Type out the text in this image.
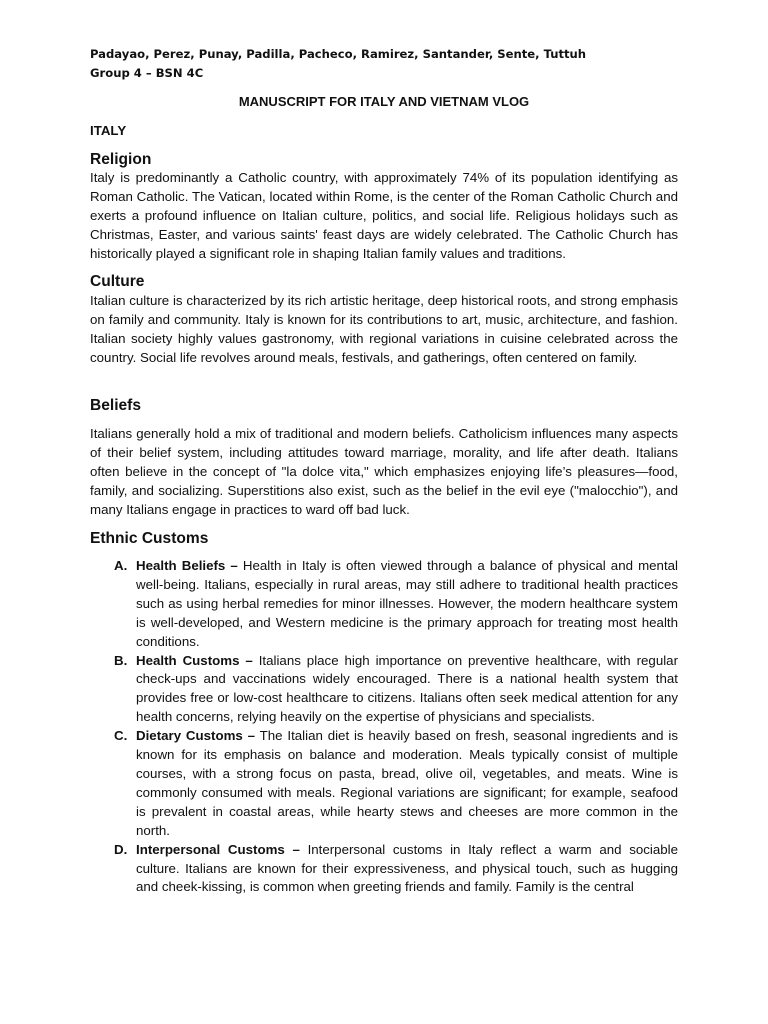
Padayao, Perez, Punay, Padilla, Pacheco, Ramirez, Santander, Sente, Tuttuh
Group 4 – BSN 4C
MANUSCRIPT FOR ITALY AND VIETNAM VLOG
ITALY
Religion

Italy is predominantly a Catholic country, with approximately 74% of its population identifying as Roman Catholic. The Vatican, located within Rome, is the center of the Roman Catholic Church and exerts a profound influence on Italian culture, politics, and social life. Religious holidays such as Christmas, Easter, and various saints' feast days are widely celebrated. The Catholic Church has historically played a significant role in shaping Italian family values and traditions.

Culture

Italian culture is characterized by its rich artistic heritage, deep historical roots, and strong emphasis on family and community. Italy is known for its contributions to art, music, architecture, and fashion. Italian society highly values gastronomy, with regional variations in cuisine celebrated across the country. Social life revolves around meals, festivals, and gatherings, often centered on family.

Beliefs

Italians generally hold a mix of traditional and modern beliefs. Catholicism influences many aspects of their belief system, including attitudes toward marriage, morality, and life after death. Italians often believe in the concept of "la dolce vita," which emphasizes enjoying life’s pleasures—food, family, and socializing. Superstitions also exist, such as the belief in the evil eye ("malocchio"), and many Italians engage in practices to ward off bad luck.

Ethnic Customs
A. Health Beliefs – Health in Italy is often viewed through a balance of physical and mental well-being. Italians, especially in rural areas, may still adhere to traditional health practices such as using herbal remedies for minor illnesses. However, the modern healthcare system is well-developed, and Western medicine is the primary approach for treating most health conditions.
B. Health Customs – Italians place high importance on preventive healthcare, with regular check-ups and vaccinations widely encouraged. There is a national health system that provides free or low-cost healthcare to citizens. Italians often seek medical attention for any health concerns, relying heavily on the expertise of physicians and specialists.
C. Dietary Customs – The Italian diet is heavily based on fresh, seasonal ingredients and is known for its emphasis on balance and moderation. Meals typically consist of multiple courses, with a strong focus on pasta, bread, olive oil, vegetables, and meats. Wine is commonly consumed with meals. Regional variations are significant; for example, seafood is prevalent in coastal areas, while hearty stews and cheeses are more common in the north.
D. Interpersonal Customs – Interpersonal customs in Italy reflect a warm and sociable culture. Italians are known for their expressiveness, and physical touch, such as hugging and cheek-kissing, is common when greeting friends and family. Family is the central
